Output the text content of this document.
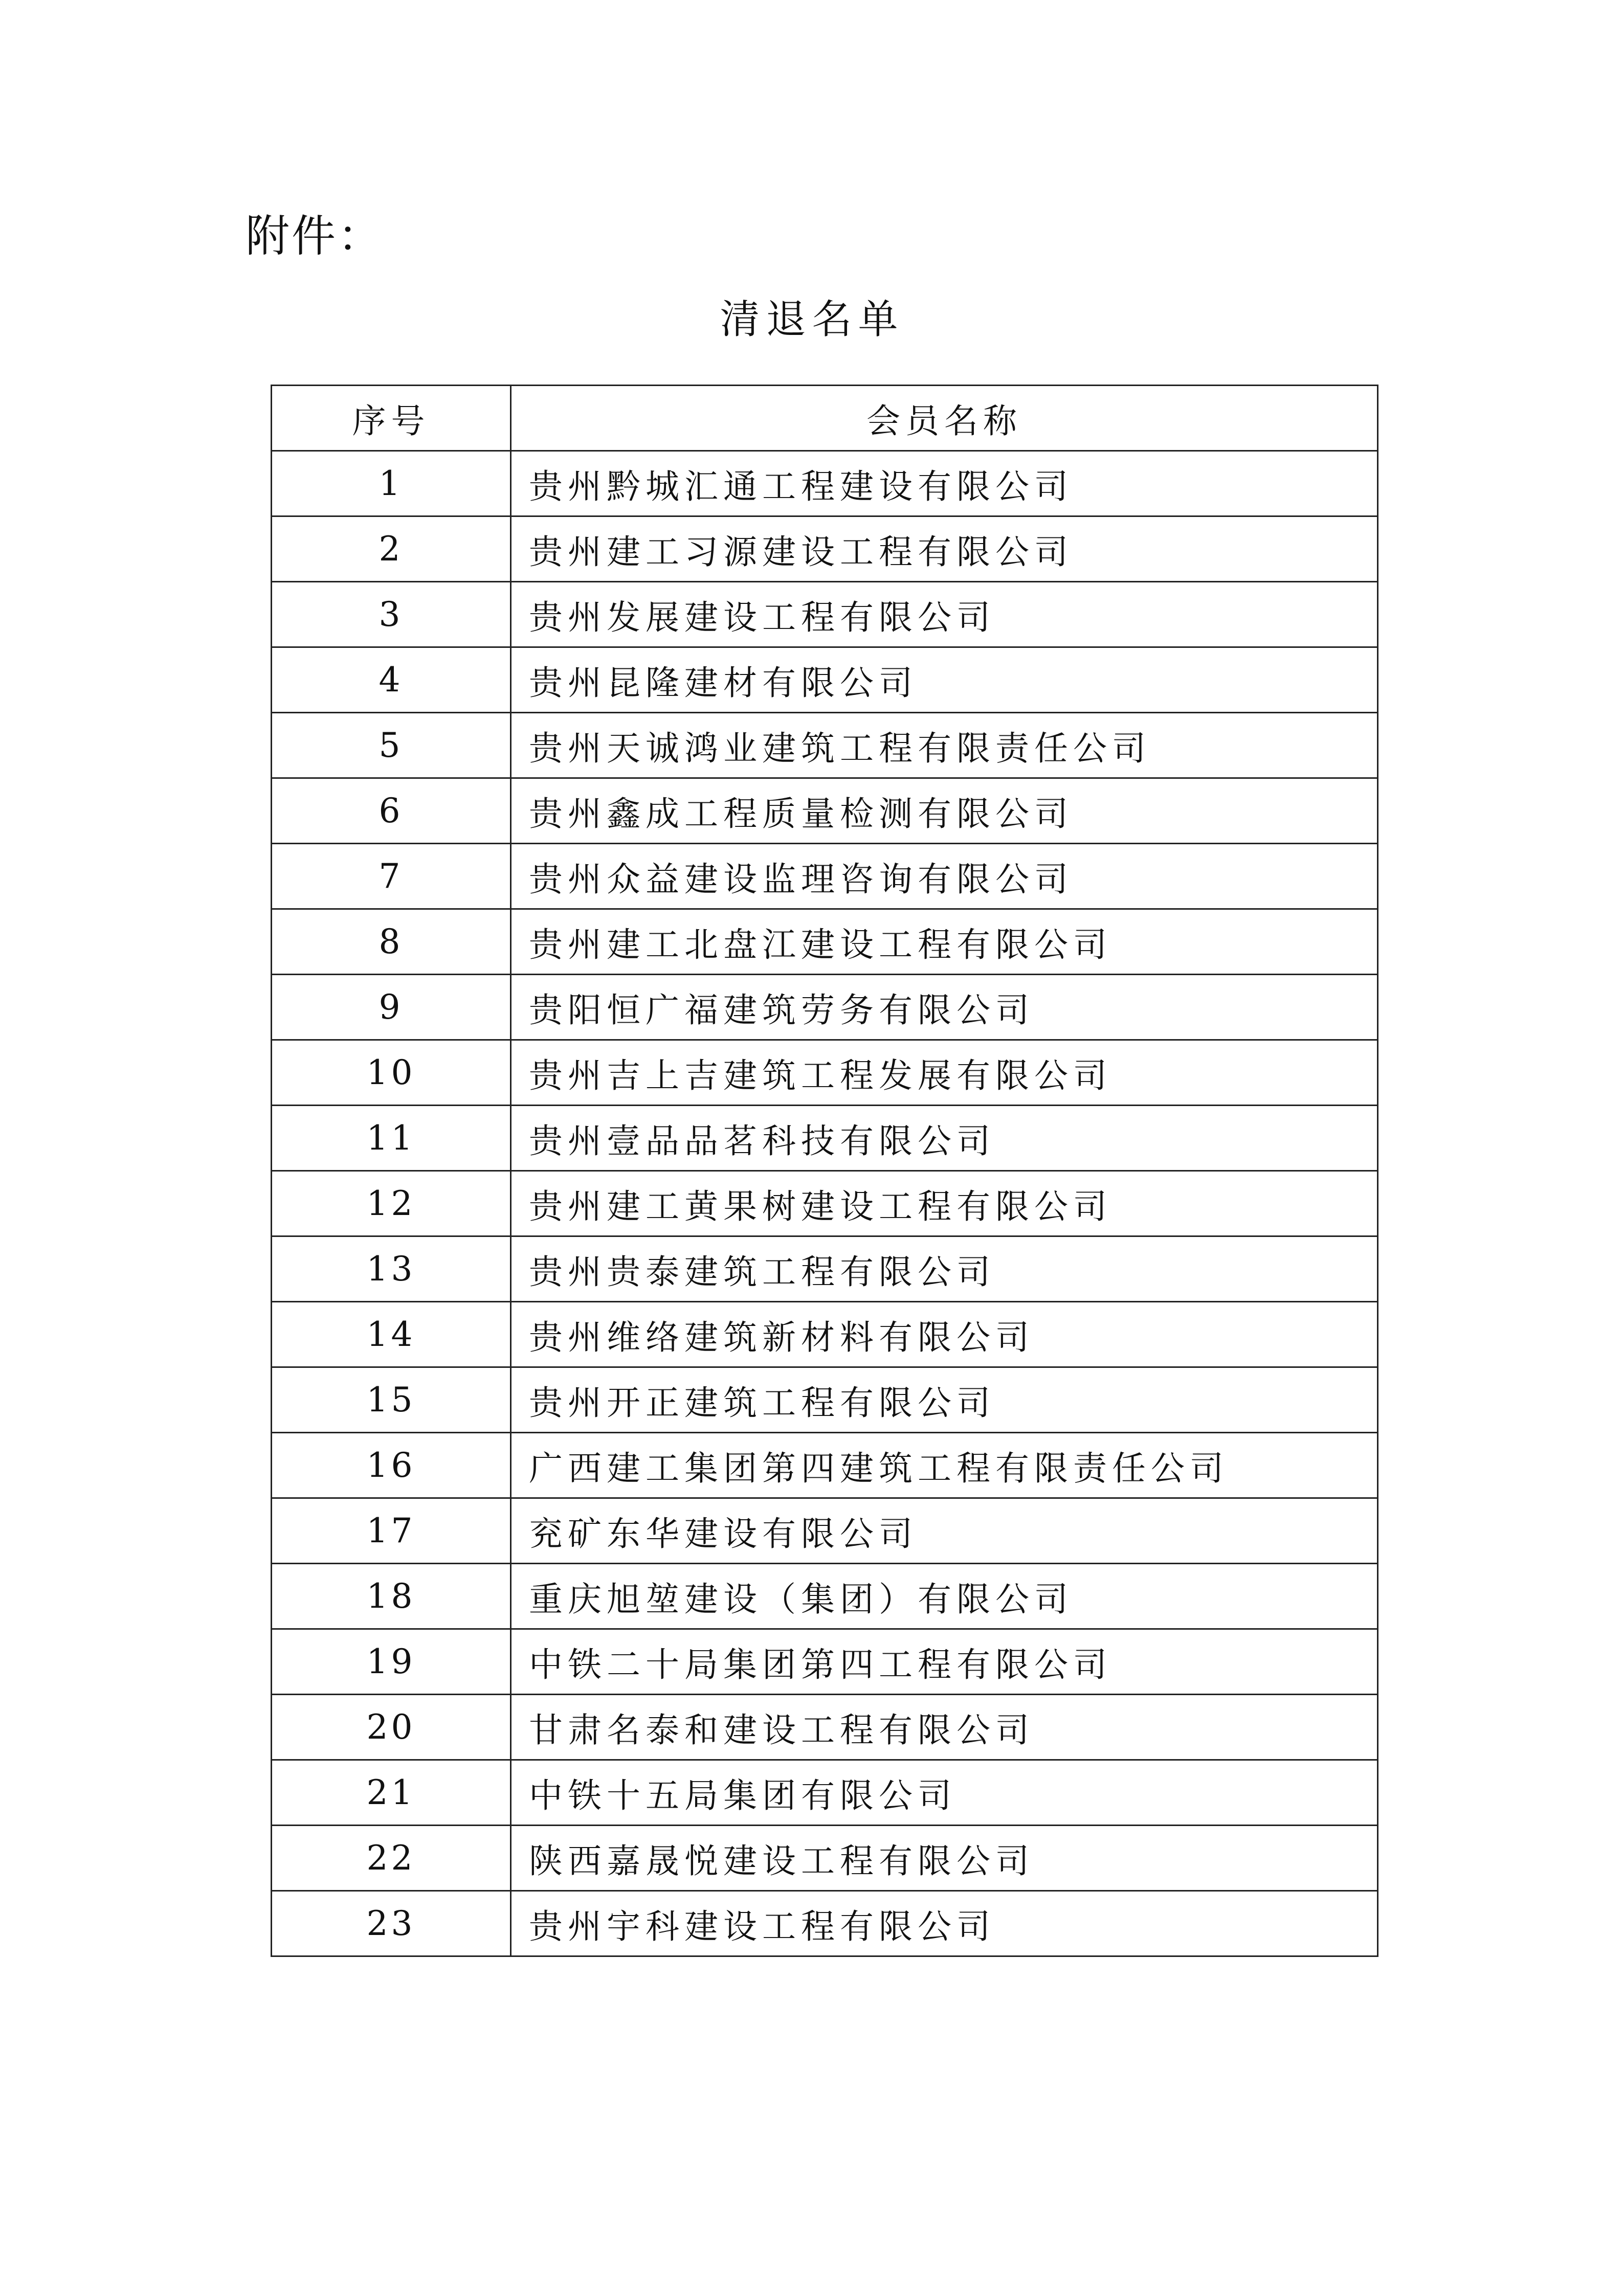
附件：
清退名单
序号	会员名称
1	贵州黔城汇通工程建设有限公司
2	贵州建工习源建设工程有限公司
3	贵州发展建设工程有限公司
4	贵州昆隆建材有限公司
5	贵州天诚鸿业建筑工程有限责任公司
6	贵州鑫成工程质量检测有限公司
7	贵州众益建设监理咨询有限公司
8	贵州建工北盘江建设工程有限公司
9	贵阳恒广福建筑劳务有限公司
10	贵州吉上吉建筑工程发展有限公司
11	贵州壹品品茗科技有限公司
12	贵州建工黄果树建设工程有限公司
13	贵州贵泰建筑工程有限公司
14	贵州维络建筑新材料有限公司
15	贵州开正建筑工程有限公司
16	广西建工集团第四建筑工程有限责任公司
17	兖矿东华建设有限公司
18	重庆旭堃建设（集团）有限公司
19	中铁二十局集团第四工程有限公司
20	甘肃名泰和建设工程有限公司
21	中铁十五局集团有限公司
22	陕西嘉晟悦建设工程有限公司
23	贵州宇科建设工程有限公司
